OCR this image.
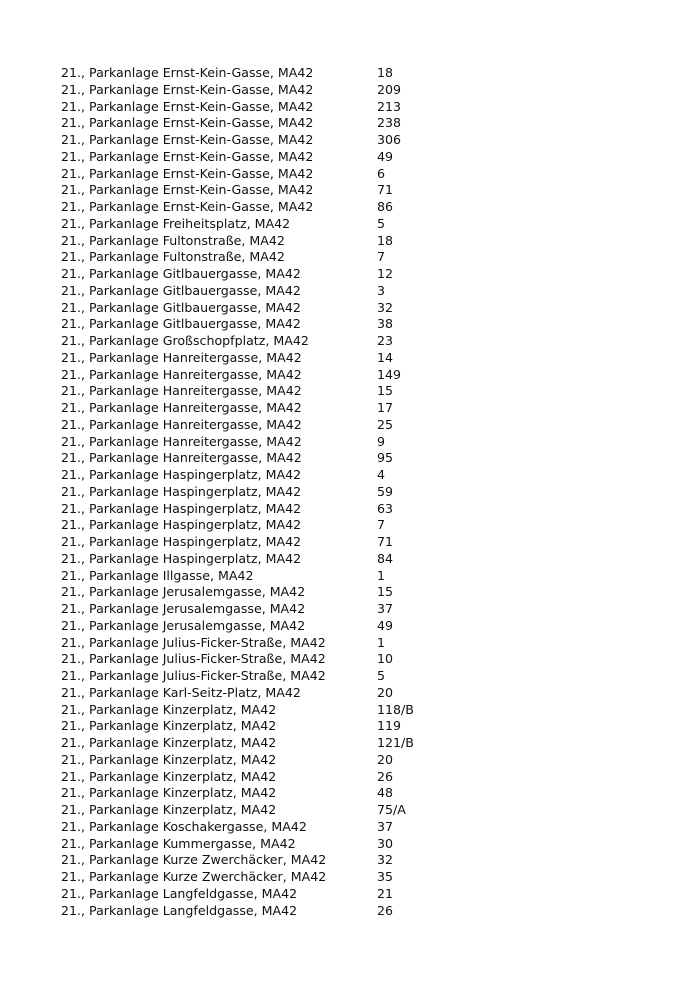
21., Parkanlage Ernst-Kein-Gasse, MA42	18
21., Parkanlage Ernst-Kein-Gasse, MA42	209
21., Parkanlage Ernst-Kein-Gasse, MA42	213
21., Parkanlage Ernst-Kein-Gasse, MA42	238
21., Parkanlage Ernst-Kein-Gasse, MA42	306
21., Parkanlage Ernst-Kein-Gasse, MA42	49
21., Parkanlage Ernst-Kein-Gasse, MA42	6
21., Parkanlage Ernst-Kein-Gasse, MA42	71
21., Parkanlage Ernst-Kein-Gasse, MA42	86
21., Parkanlage Freiheitsplatz, MA42	5
21., Parkanlage Fultonstraße, MA42	18
21., Parkanlage Fultonstraße, MA42	7
21., Parkanlage Gitlbauergasse, MA42	12
21., Parkanlage Gitlbauergasse, MA42	3
21., Parkanlage Gitlbauergasse, MA42	32
21., Parkanlage Gitlbauergasse, MA42	38
21., Parkanlage Großschopfplatz, MA42	23
21., Parkanlage Hanreitergasse, MA42	14
21., Parkanlage Hanreitergasse, MA42	149
21., Parkanlage Hanreitergasse, MA42	15
21., Parkanlage Hanreitergasse, MA42	17
21., Parkanlage Hanreitergasse, MA42	25
21., Parkanlage Hanreitergasse, MA42	9
21., Parkanlage Hanreitergasse, MA42	95
21., Parkanlage Haspingerplatz, MA42	4
21., Parkanlage Haspingerplatz, MA42	59
21., Parkanlage Haspingerplatz, MA42	63
21., Parkanlage Haspingerplatz, MA42	7
21., Parkanlage Haspingerplatz, MA42	71
21., Parkanlage Haspingerplatz, MA42	84
21., Parkanlage Illgasse, MA42	1
21., Parkanlage Jerusalemgasse, MA42	15
21., Parkanlage Jerusalemgasse, MA42	37
21., Parkanlage Jerusalemgasse, MA42	49
21., Parkanlage Julius-Ficker-Straße, MA42	1
21., Parkanlage Julius-Ficker-Straße, MA42	10
21., Parkanlage Julius-Ficker-Straße, MA42	5
21., Parkanlage Karl-Seitz-Platz, MA42	20
21., Parkanlage Kinzerplatz, MA42	118/B
21., Parkanlage Kinzerplatz, MA42	119
21., Parkanlage Kinzerplatz, MA42	121/B
21., Parkanlage Kinzerplatz, MA42	20
21., Parkanlage Kinzerplatz, MA42	26
21., Parkanlage Kinzerplatz, MA42	48
21., Parkanlage Kinzerplatz, MA42	75/A
21., Parkanlage Koschakergasse, MA42	37
21., Parkanlage Kummergasse, MA42	30
21., Parkanlage Kurze Zwerchäcker, MA42	32
21., Parkanlage Kurze Zwerchäcker, MA42	35
21., Parkanlage Langfeldgasse, MA42	21
21., Parkanlage Langfeldgasse, MA42	26
